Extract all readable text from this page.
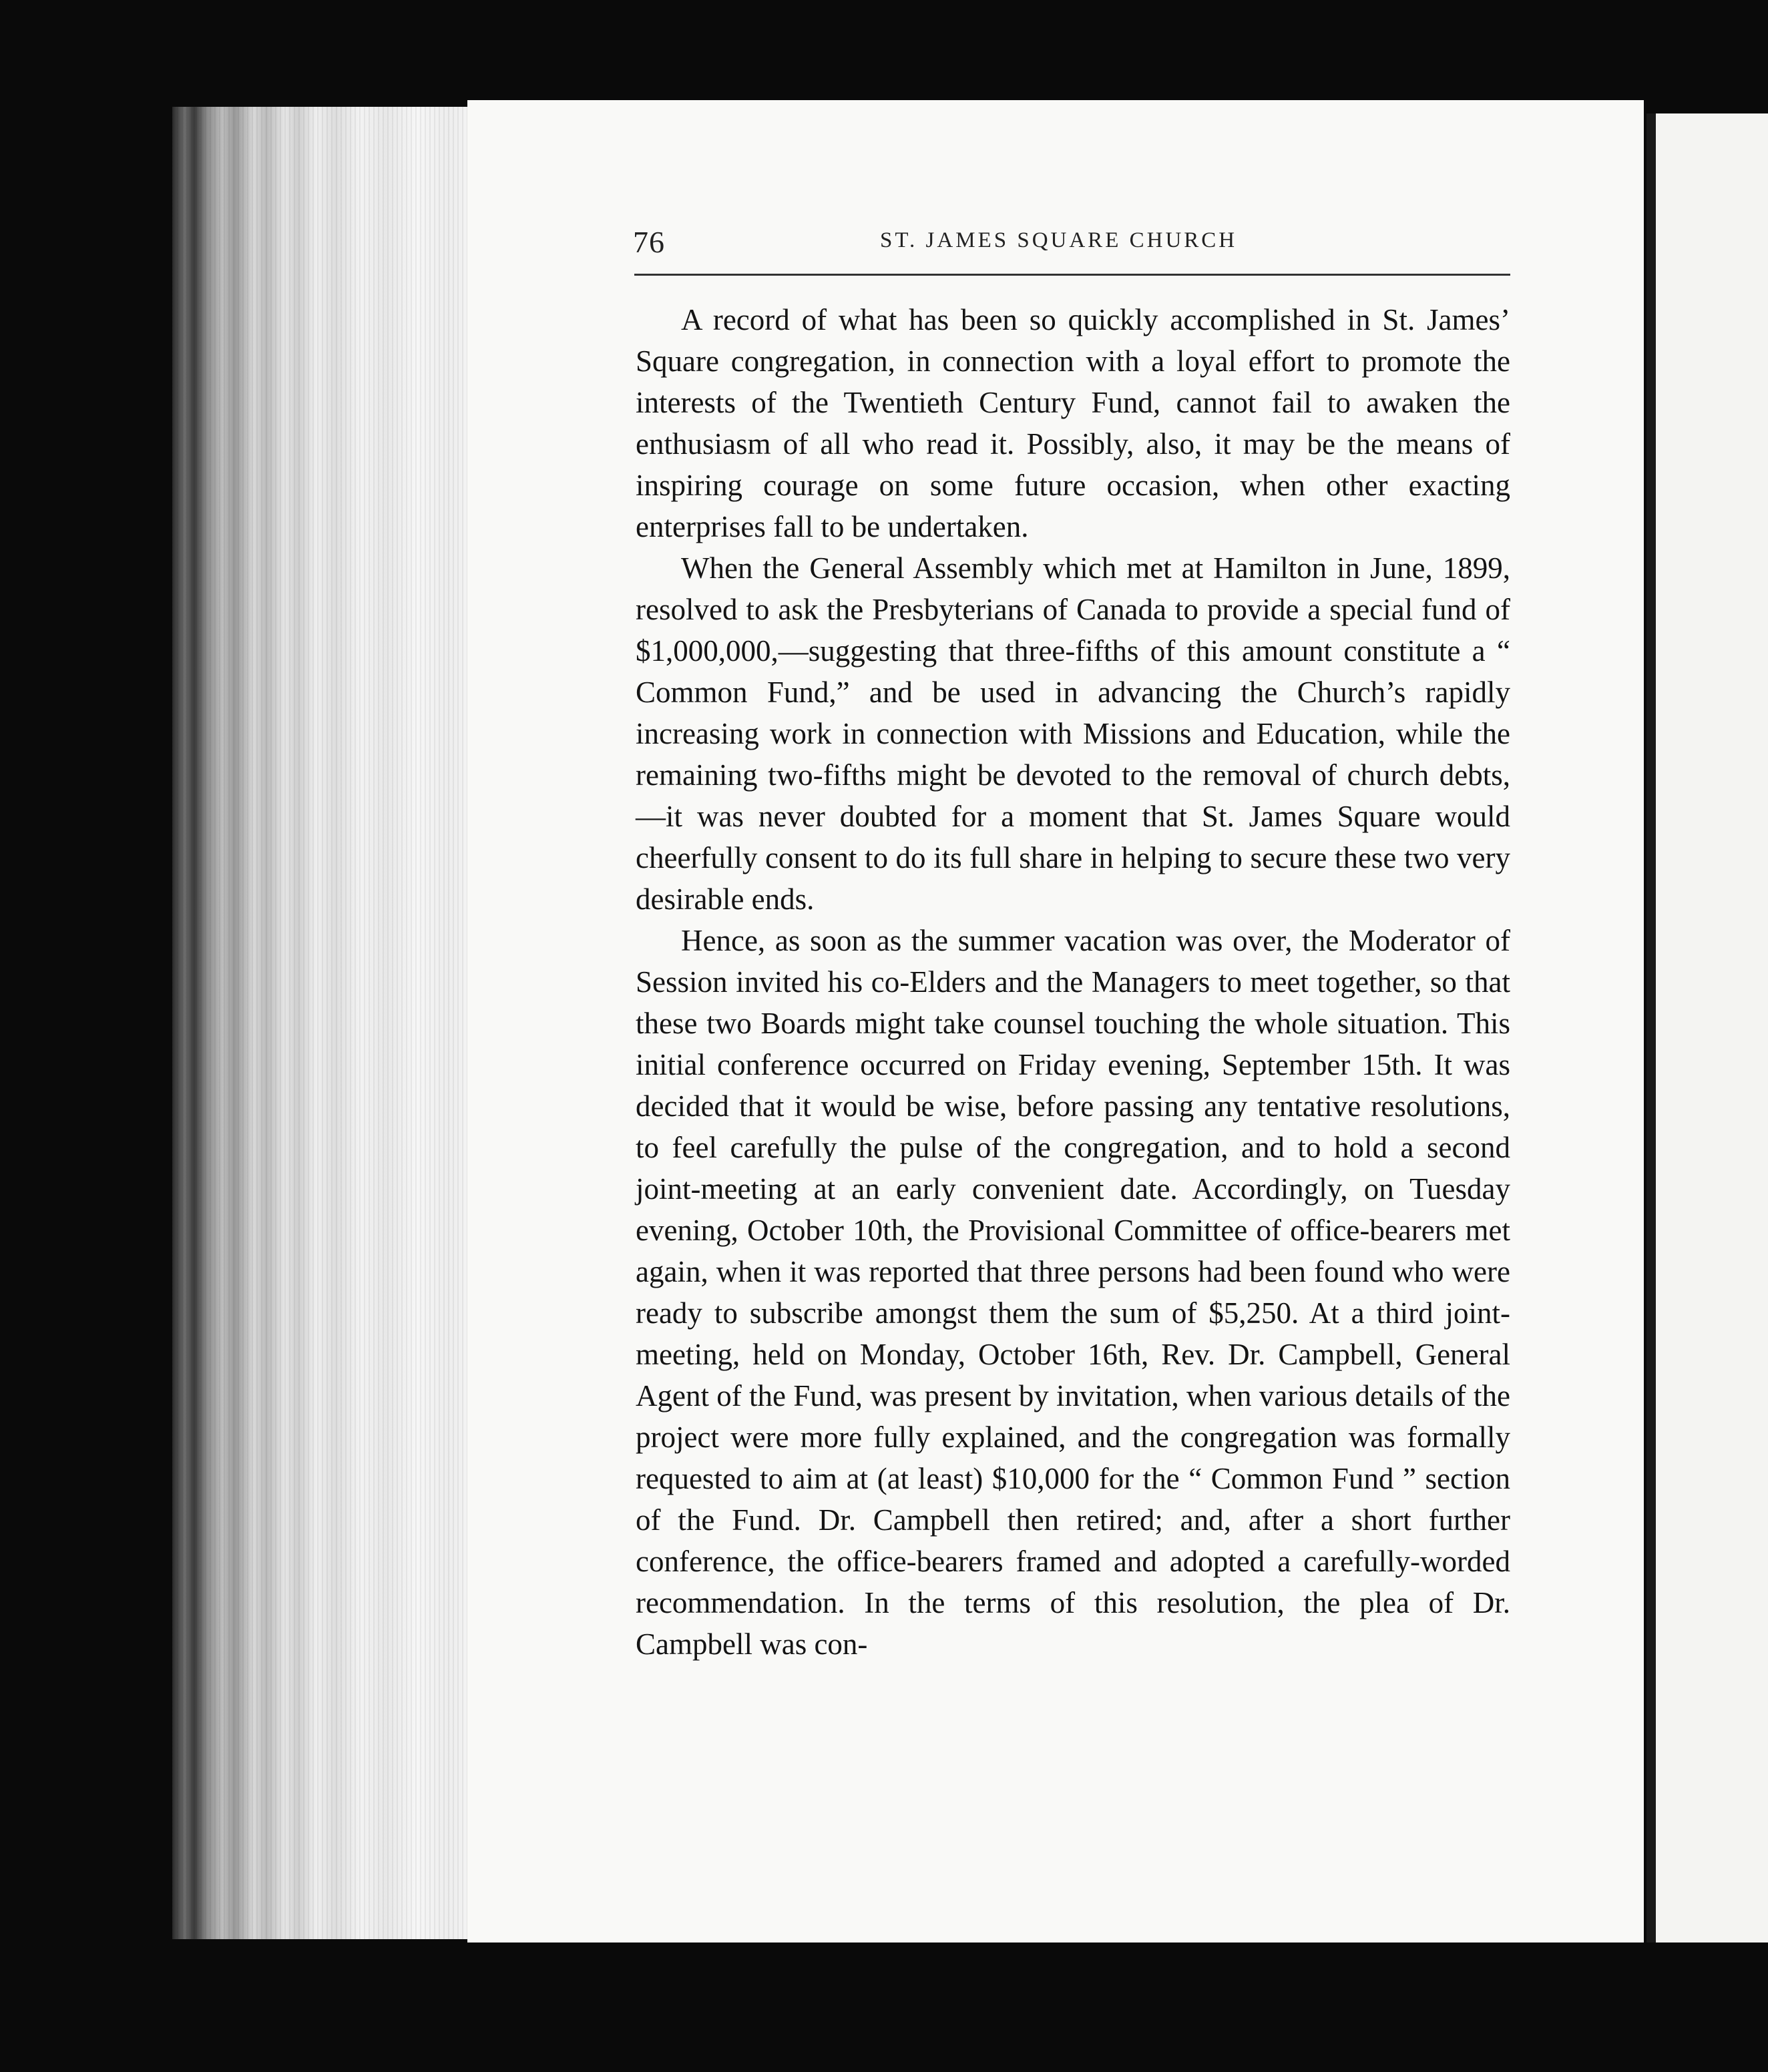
76	ST. JAMES SQUARE CHURCH

A record of what has been so quickly accomplished in St. James’ Square congregation, in connection with a loyal effort to promote the interests of the Twentieth Century Fund, cannot fail to awaken the enthusiasm of all who read it. Possibly, also, it may be the means of inspiring courage on some future occasion, when other exacting enterprises fall to be undertaken.

When the General Assembly which met at Hamilton in June, 1899, resolved to ask the Presbyterians of Canada to provide a special fund of $1,000,000,—suggesting that three-fifths of this amount constitute a “ Common Fund,” and be used in advancing the Church’s rapidly increasing work in connection with Missions and Education, while the remaining two-fifths might be devoted to the removal of church debts,—it was never doubted for a moment that St. James Square would cheerfully consent to do its full share in helping to secure these two very desirable ends.

Hence, as soon as the summer vacation was over, the Moderator of Session invited his co-Elders and the Managers to meet together, so that these two Boards might take counsel touching the whole situation. This initial conference occurred on Friday evening, September 15th. It was decided that it would be wise, before passing any tentative resolutions, to feel carefully the pulse of the congregation, and to hold a second joint-meeting at an early convenient date. Accordingly, on Tuesday evening, October 10th, the Provisional Committee of office-bearers met again, when it was reported that three persons had been found who were ready to subscribe amongst them the sum of $5,250. At a third joint-meeting, held on Monday, October 16th, Rev. Dr. Campbell, General Agent of the Fund, was present by invitation, when various details of the project were more fully explained, and the congregation was formally requested to aim at (at least) $10,000 for the “ Common Fund ” section of the Fund. Dr. Campbell then retired; and, after a short further conference, the office-bearers framed and adopted a carefully-worded recommendation. In the terms of this resolution, the plea of Dr. Campbell was con-
